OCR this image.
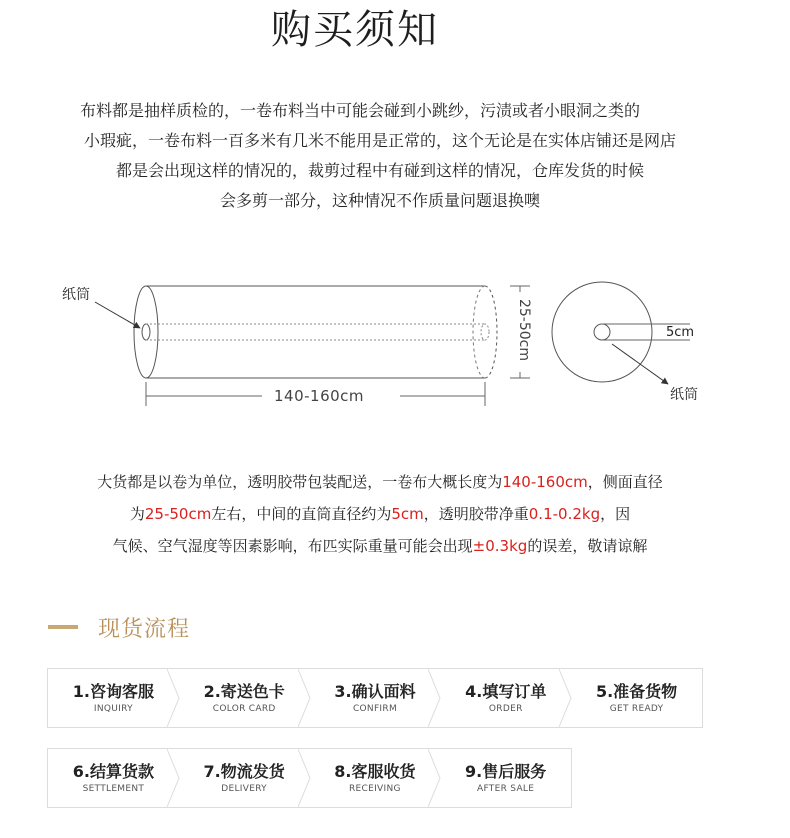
购买须知

布料都是抽样质检的，一卷布料当中可能会碰到小跳纱，污渍或者小眼洞之类的

小瑕疵，一卷布料一百多米有几米不能用是正常的，这个无论是在实体店铺还是网店

都是会出现这样的情况的，裁剪过程中有碰到这样的情况，仓库发货的时候

会多剪一部分，这种情况不作质量问题退换噢

纸筒
140-160cm
25-50cm	5cm
纸筒

大货都是以卷为单位，透明胶带包装配送，一卷布大概长度为140-160cm，侧面直径

为25-50cm左右，中间的直筒直径约为5cm，透明胶带净重0.1-0.2kg，因

气候、空气湿度等因素影响，布匹实际重量可能会出现±0.3kg的误差，敬请谅解

现货流程
1.咨询客服
INQUIRY
2.寄送色卡
COLOR CARD
3.确认面料
CONFIRM
4.填写订单
ORDER
5.准备货物
GET READY
6.结算货款
SETTLEMENT
7.物流发货
DELIVERY
8.客服收货
RECEIVING
9.售后服务
AFTER SALE
